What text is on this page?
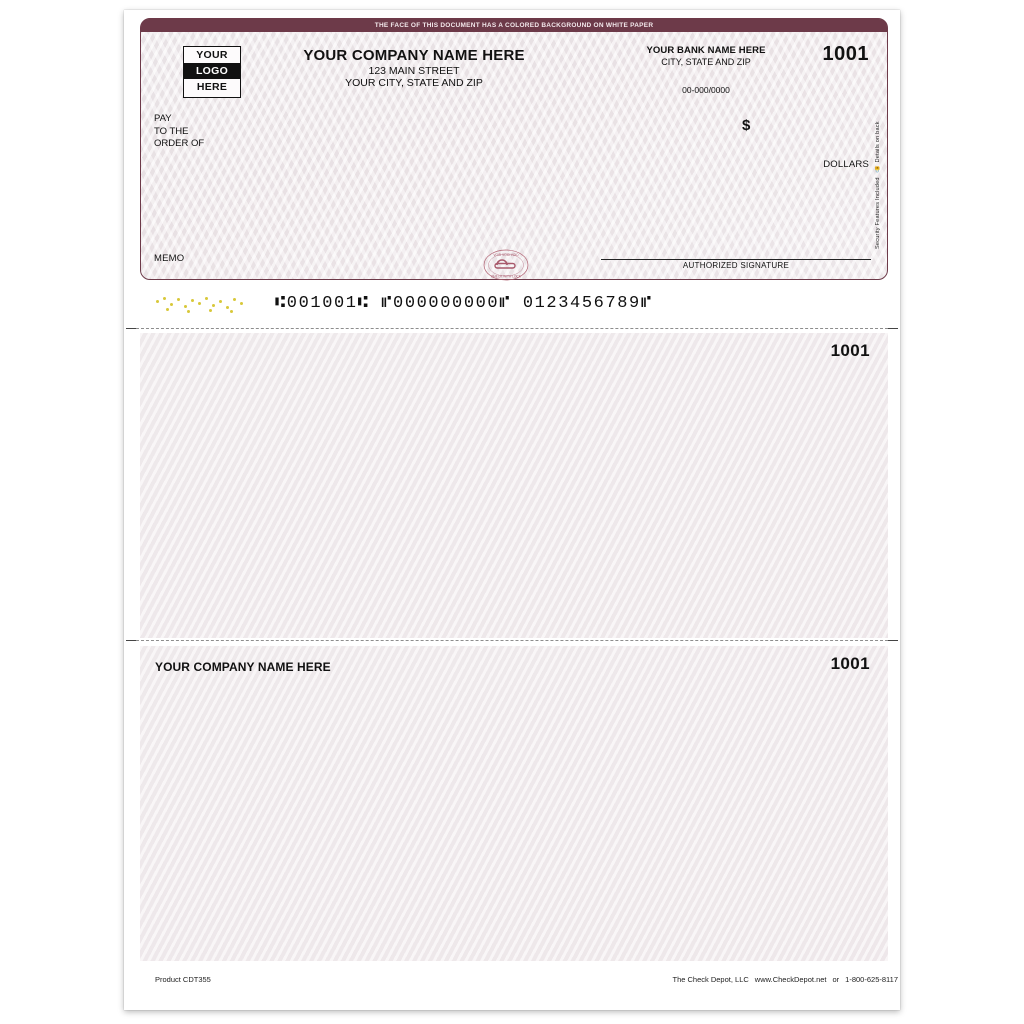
THE FACE OF THIS DOCUMENT HAS A COLORED BACKGROUND ON WHITE PAPER
YOUR
LOGO
HERE
YOUR COMPANY NAME HERE
123 MAIN STREET
YOUR CITY, STATE AND ZIP
YOUR BANK NAME HERE
CITY, STATE AND ZIP
00-000/0000
1001
PAY
TO THE
ORDER OF
$
DOLLARS
MEMO
AUTHORIZED SIGNATURE
VOID VOID VOID
CHECK WITH LOCK
Security Features Included  🔒  Details on back
⑆001001⑆ ⑈000000000⑈ 0123456789⑈
1001
YOUR COMPANY NAME HERE	1001
Product CDT355	The Check Depot, LLC www.CheckDepot.net or 1-800-625-8117
